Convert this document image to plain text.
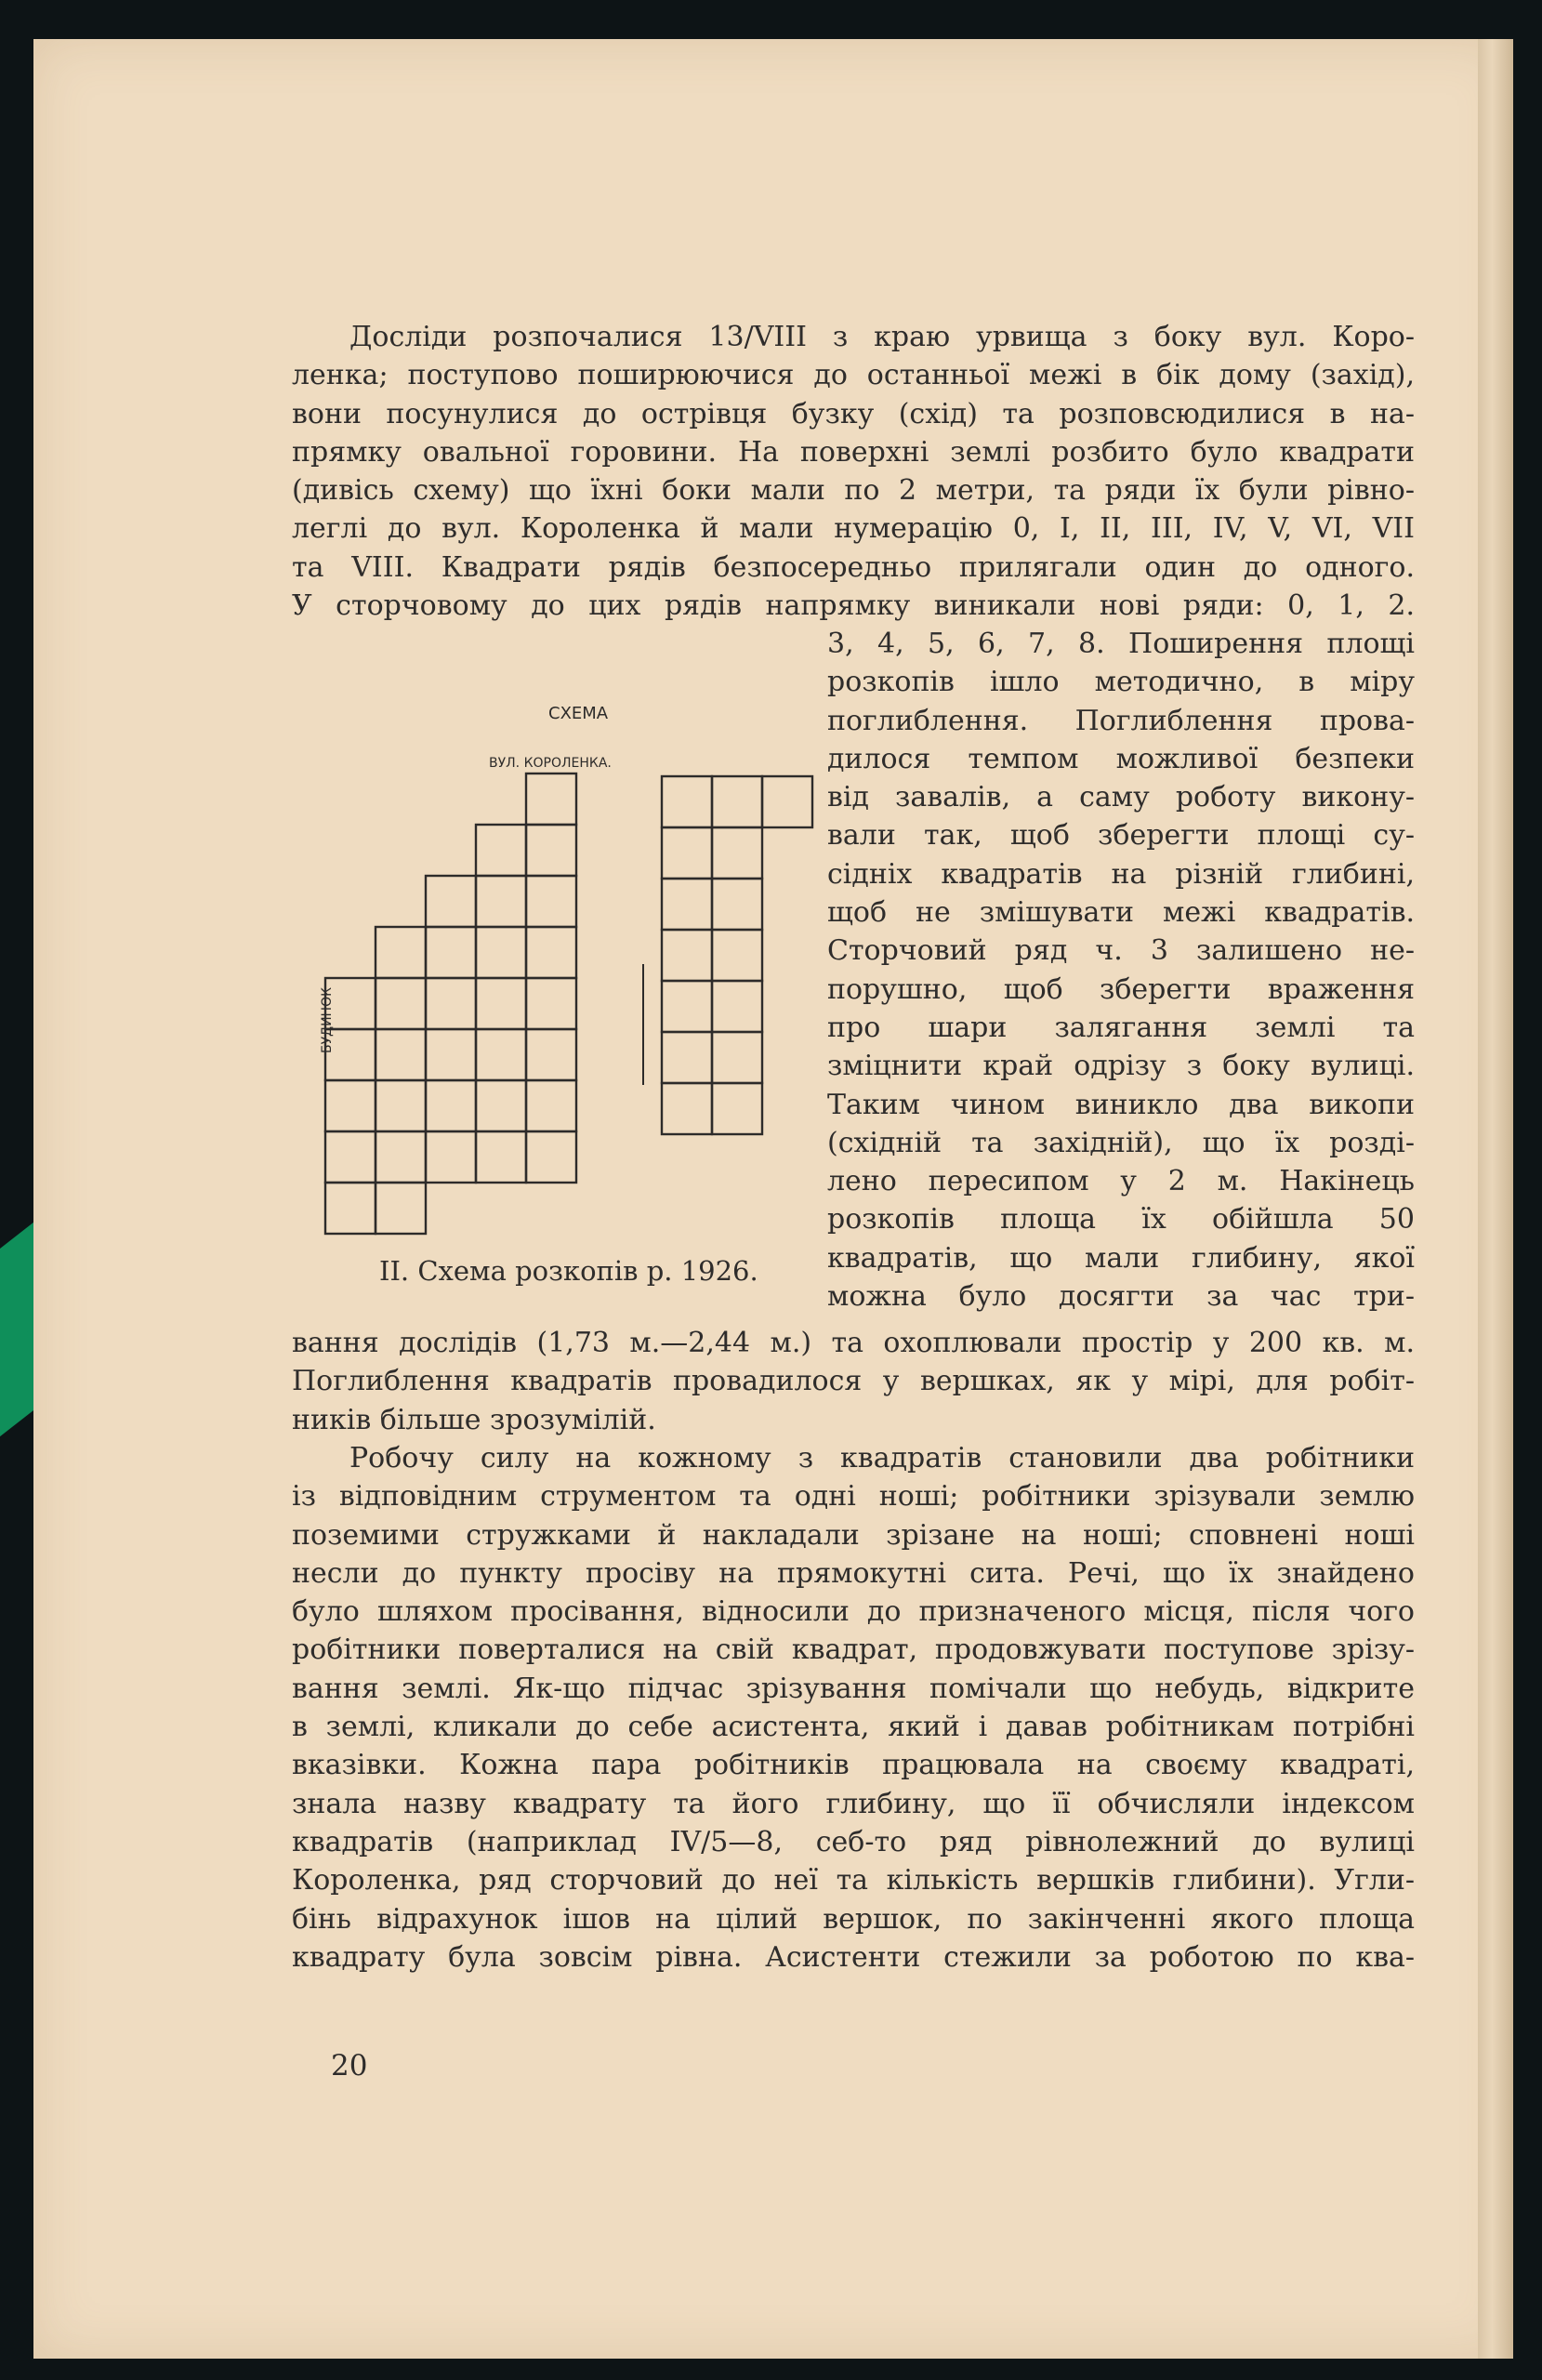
Досліди розпочалися 13/VIII з краю урвища з боку вул. Коро-
ленка; поступово поширюючися до останньої межі в бік дому (захід),
вони посунулися до острівця бузку (схід) та розповсюдилися в на-
прямку овальної горовини. На поверхні землі розбито було квадрати
(дивісь схему) що їхні боки мали по 2 метри, та ряди їх були рівно-
леглі до вул. Короленка й мали нумерацію 0, I, II, III, IV, V, VI, VII
та VIII. Квадрати рядів безпосередньо прилягали один до одного.
У сторчовому до цих рядів напрямку виникали нові ряди: 0, 1, 2.
3, 4, 5, 6, 7, 8. Поширення площі
розкопів ішло методично, в міру
поглиблення. Поглиблення прова-
дилося темпом можливої безпеки
від завалів, а саму роботу викону-
вали так, щоб зберегти площі су-
сідніх квадратів на різній глибині,
щоб не змішувати межі квадратів.
Сторчовий ряд ч. 3 залишено не-
порушно, щоб зберегти враження
про шари залягання землі та
зміцнити край одрізу з боку вулиці.
Таким чином виникло два викопи
(східній та західній), що їх розді-
лено пересипом у 2 м. Накінець
розкопів площа їх обійшла 50
квадратів, що мали глибину, якої
можна було досягти за час три-
вання дослідів (1,73 м.—2,44 м.) та охоплювали простір у 200 кв. м.
Поглиблення квадратів провадилося у вершках, як у мірі, для робіт-
ників більше зрозумілій.
Робочу силу на кожному з квадратів становили два робітники
із відповідним струментом та одні ноші; робітники зрізували землю
поземими стружками й накладали зрізане на ноші; сповнені ноші
несли до пункту просіву на прямокутні сита. Речі, що їх знайдено
було шляхом просівання, відносили до призначеного місця, після чого
робітники поверталися на свій квадрат, продовжувати поступове зрізу-
вання землі. Як-що підчас зрізування помічали що небудь, відкрите
в землі, кликали до себе асистента, який і давав робітникам потрібні
вказівки. Кожна пара робітників працювала на своєму квадраті,
знала назву квадрату та його глибину, що її обчисляли індексом
квадратів (наприклад IV/5—8, себ-то ряд рівнолежний до вулиці
Короленка, ряд сторчовий до неї та кількість вершків глибини). Угли-
бінь відрахунок ішов на цілий вершок, по закінченні якого площа
квадрату була зовсім рівна. Асистенти стежили за роботою по ква-
СХЕМА
ВУЛ. КОРОЛЕНКА.
БУДИНОК
II. Схема розкопів р. 1926.
20
